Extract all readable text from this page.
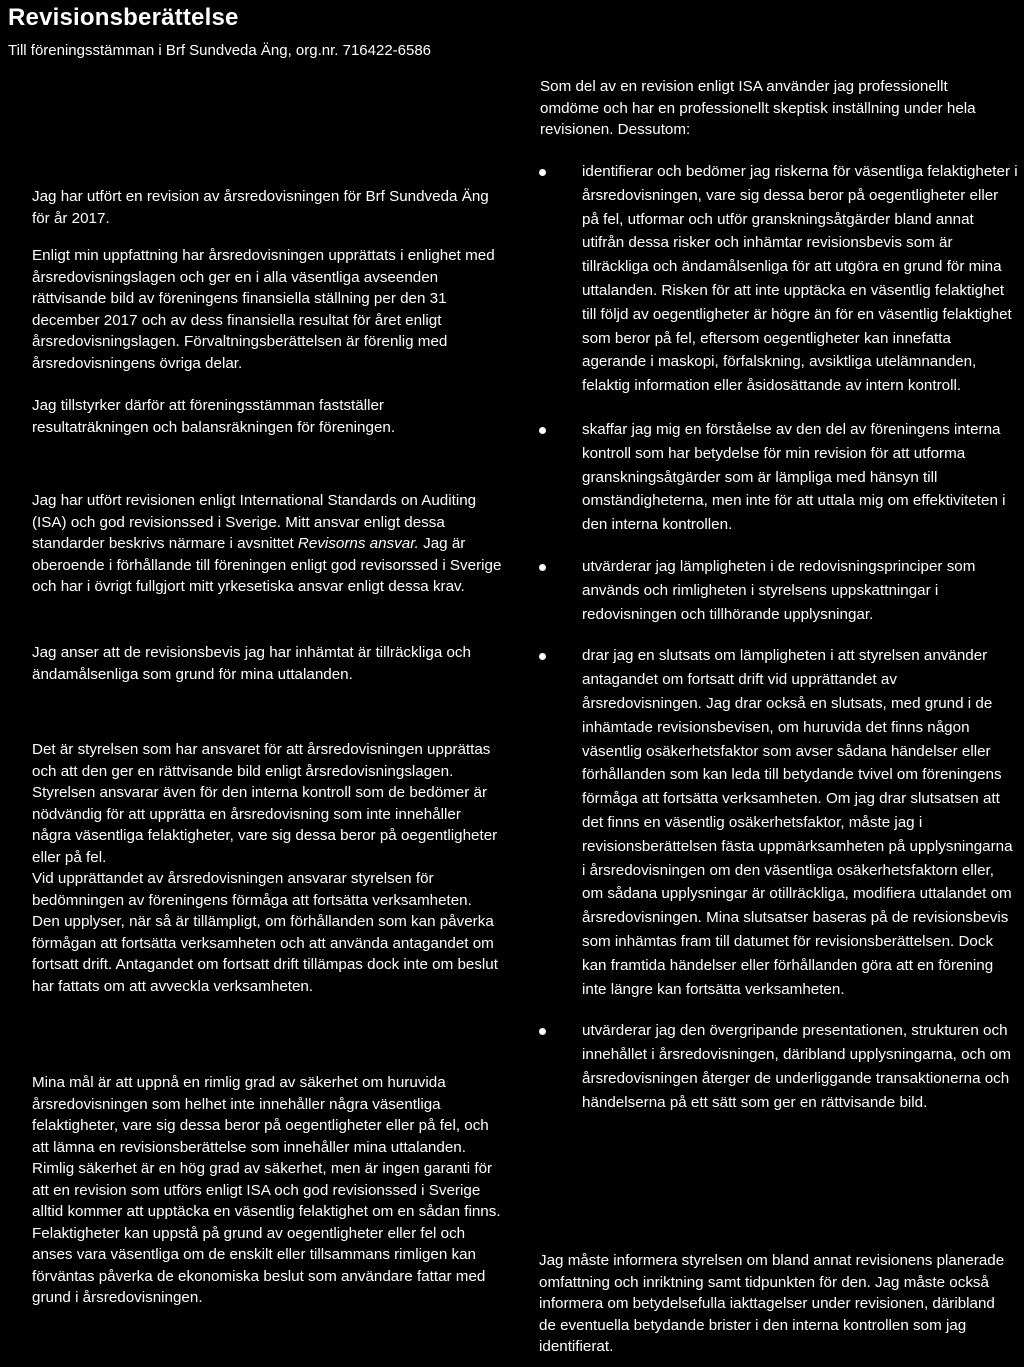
Revisionsberättelse
Till föreningsstämman i Brf Sundveda Äng, org.nr. 716422-6586

Jag har utfört en revision av årsredovisningen för Brf Sundveda Äng för år 2017.

Enligt min uppfattning har årsredovisningen upprättats i enlighet med årsredovisningslagen och ger en i alla väsentliga avseenden rättvisande bild av föreningens finansiella ställning per den 31 december 2017 och av dess finansiella resultat för året enligt årsredovisningslagen. Förvaltningsberättelsen är förenlig med årsredovisningens övriga delar.

Jag tillstyrker därför att föreningsstämman fastställer resultaträkningen och balansräkningen för föreningen.

Jag har utfört revisionen enligt International Standards on Auditing (ISA) och god revisionssed i Sverige. Mitt ansvar enligt dessa standarder beskrivs närmare i avsnittet Revisorns ansvar. Jag är oberoende i förhållande till föreningen enligt god revisorssed i Sverige och har i övrigt fullgjort mitt yrkesetiska ansvar enligt dessa krav.

Jag anser att de revisionsbevis jag har inhämtat är tillräckliga och ändamålsenliga som grund för mina uttalanden.

Det är styrelsen som har ansvaret för att årsredovisningen upprättas och att den ger en rättvisande bild enligt årsredovisningslagen. Styrelsen ansvarar även för den interna kontroll som de bedömer är nödvändig för att upprätta en årsredovisning som inte innehåller några väsentliga felaktigheter, vare sig dessa beror på oegentligheter eller på fel.

Vid upprättandet av årsredovisningen ansvarar styrelsen för bedömningen av föreningens förmåga att fortsätta verksamheten. Den upplyser, när så är tillämpligt, om förhållanden som kan påverka förmågan att fortsätta verksamheten och att använda antagandet om fortsatt drift. Antagandet om fortsatt drift tillämpas dock inte om beslut har fattats om att avveckla verksamheten.

Mina mål är att uppnå en rimlig grad av säkerhet om huruvida årsredovisningen som helhet inte innehåller några väsentliga felaktigheter, vare sig dessa beror på oegentligheter eller på fel, och att lämna en revisionsberättelse som innehåller mina uttalanden. Rimlig säkerhet är en hög grad av säkerhet, men är ingen garanti för att en revision som utförs enligt ISA och god revisionssed i Sverige alltid kommer att upptäcka en väsentlig felaktighet om en sådan finns. Felaktigheter kan uppstå på grund av oegentligheter eller fel och anses vara väsentliga om de enskilt eller tillsammans rimligen kan förväntas påverka de ekonomiska beslut som användare fattar med grund i årsredovisningen.

Som del av en revision enligt ISA använder jag professionellt omdöme och har en professionellt skeptisk inställning under hela revisionen. Dessutom:

identifierar och bedömer jag riskerna för väsentliga felaktigheter i årsredovisningen, vare sig dessa beror på oegentligheter eller på fel, utformar och utför granskningsåtgärder bland annat utifrån dessa risker och inhämtar revisionsbevis som är tillräckliga och ändamålsenliga för att utgöra en grund för mina uttalanden. Risken för att inte upptäcka en väsentlig felaktighet till följd av oegentligheter är högre än för en väsentlig felaktighet som beror på fel, eftersom oegentligheter kan innefatta agerande i maskopi, förfalskning, avsiktliga utelämnanden, felaktig information eller åsidosättande av intern kontroll.
skaffar jag mig en förståelse av den del av föreningens interna kontroll som har betydelse för min revision för att utforma granskningsåtgärder som är lämpliga med hänsyn till omständigheterna, men inte för att uttala mig om effektiviteten i den interna kontrollen.
utvärderar jag lämpligheten i de redovisningsprinciper som används och rimligheten i styrelsens uppskattningar i redovisningen och tillhörande upplysningar.
drar jag en slutsats om lämpligheten i att styrelsen använder antagandet om fortsatt drift vid upprättandet av årsredovisningen. Jag drar också en slutsats, med grund i de inhämtade revisionsbevisen, om huruvida det finns någon väsentlig osäkerhetsfaktor som avser sådana händelser eller förhållanden som kan leda till betydande tvivel om föreningens förmåga att fortsätta verksamheten. Om jag drar slutsatsen att det finns en väsentlig osäkerhetsfaktor, måste jag i revisionsberättelsen fästa uppmärksamheten på upplysningarna i årsredovisningen om den väsentliga osäkerhetsfaktorn eller, om sådana upplysningar är otillräckliga, modifiera uttalandet om årsredovisningen. Mina slutsatser baseras på de revisionsbevis som inhämtas fram till datumet för revisionsberättelsen. Dock kan framtida händelser eller förhållanden göra att en förening inte längre kan fortsätta verksamheten.
utvärderar jag den övergripande presentationen, strukturen och innehållet i årsredovisningen, däribland upplysningarna, och om årsredovisningen återger de underliggande transaktionerna och händelserna på ett sätt som ger en rättvisande bild.

Jag måste informera styrelsen om bland annat revisionens planerade omfattning och inriktning samt tidpunkten för den. Jag måste också informera om betydelsefulla iakttagelser under revisionen, däribland de eventuella betydande brister i den interna kontrollen som jag identifierat.
